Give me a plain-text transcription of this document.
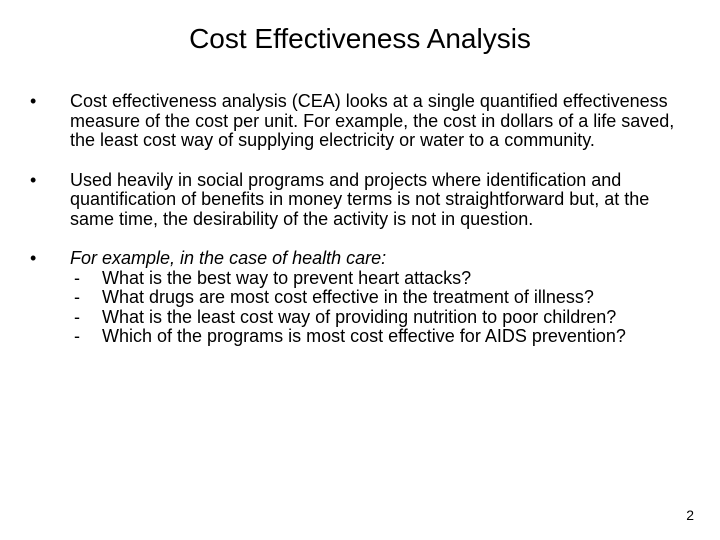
Cost Effectiveness Analysis
•	Cost effectiveness analysis (CEA) looks at a single quantified effectiveness measure of the cost per unit. For example, the cost in dollars of a life saved, the least cost way of supplying electricity or water to a community.
•	Used heavily in social programs and projects where identification and quantification of benefits in money terms is not straightforward but, at the same time, the desirability of the activity is not in question.
•	For example, in the case of health care:
-	What is the best way to prevent heart attacks?
-	What drugs are most cost effective in the treatment of illness?
-	What is the least cost way of providing nutrition to poor children?
-	Which of the programs is most cost effective for AIDS prevention?
2
